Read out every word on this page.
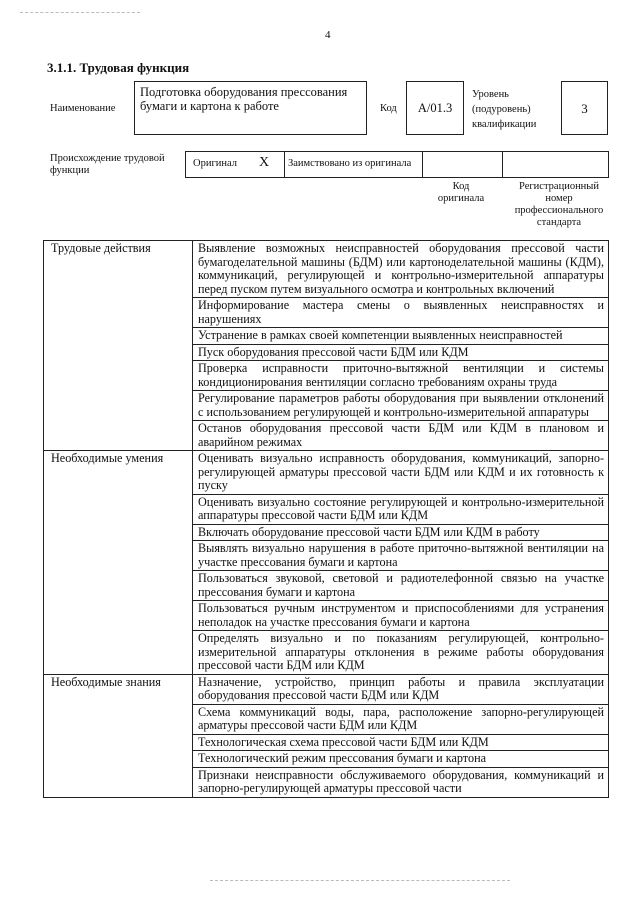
4
3.1.1. Трудовая функция
Наименование
Подготовка оборудования прессования бумаги и картона к работе	Код	А/01.3
Уровень (подуровень) квалификации
3
Происхождение трудовой функции
Оригинал Х Заимствовано из оригинала
Код оригинала
Регистрационный номер профессионального стандарта
Трудовые действия	Выявление возможных неисправностей оборудования прессовой части бумагоделательной машины (БДМ) или картоноделательной машины (КДМ), коммуникаций, регулирующей и контрольно-измерительной аппаратуры перед пуском путем визуального осмотра и контрольных включений
	Информирование мастера смены о выявленных неисправностях и нарушениях
	Устранение в рамках своей компетенции выявленных неисправностей
	Пуск оборудования прессовой части БДМ или КДМ
	Проверка исправности приточно-вытяжной вентиляции и системы кондиционирования вентиляции согласно требованиям охраны труда
	Регулирование параметров работы оборудования при выявлении отклонений с использованием регулирующей и контрольно-измерительной аппаратуры
	Останов оборудования прессовой части БДМ или КДМ в плановом и аварийном режимах
Необходимые умения	Оценивать визуально исправность оборудования, коммуникаций, запорно-регулирующей арматуры прессовой части БДМ или КДМ и их готовность к пуску
	Оценивать визуально состояние регулирующей и контрольно-измерительной аппаратуры прессовой части БДМ или КДМ
	Включать оборудование прессовой части БДМ или КДМ в работу
	Выявлять визуально нарушения в работе приточно-вытяжной вентиляции на участке прессования бумаги и картона
	Пользоваться звуковой, световой и радиотелефонной связью на участке прессования бумаги и картона
	Пользоваться ручным инструментом и приспособлениями для устранения неполадок на участке прессования бумаги и картона
	Определять визуально и по показаниям регулирующей, контрольно-измерительной аппаратуры отклонения в режиме работы оборудования прессовой части БДМ или КДМ
Необходимые знания	Назначение, устройство, принцип работы и правила эксплуатации оборудования прессовой части БДМ или КДМ
	Схема коммуникаций воды, пара, расположение запорно-регулирующей арматуры прессовой части БДМ или КДМ
	Технологическая схема прессовой части БДМ или КДМ
	Технологический режим прессования бумаги и картона
	Признаки неисправности обслуживаемого оборудования, коммуникаций и запорно-регулирующей арматуры прессовой части
